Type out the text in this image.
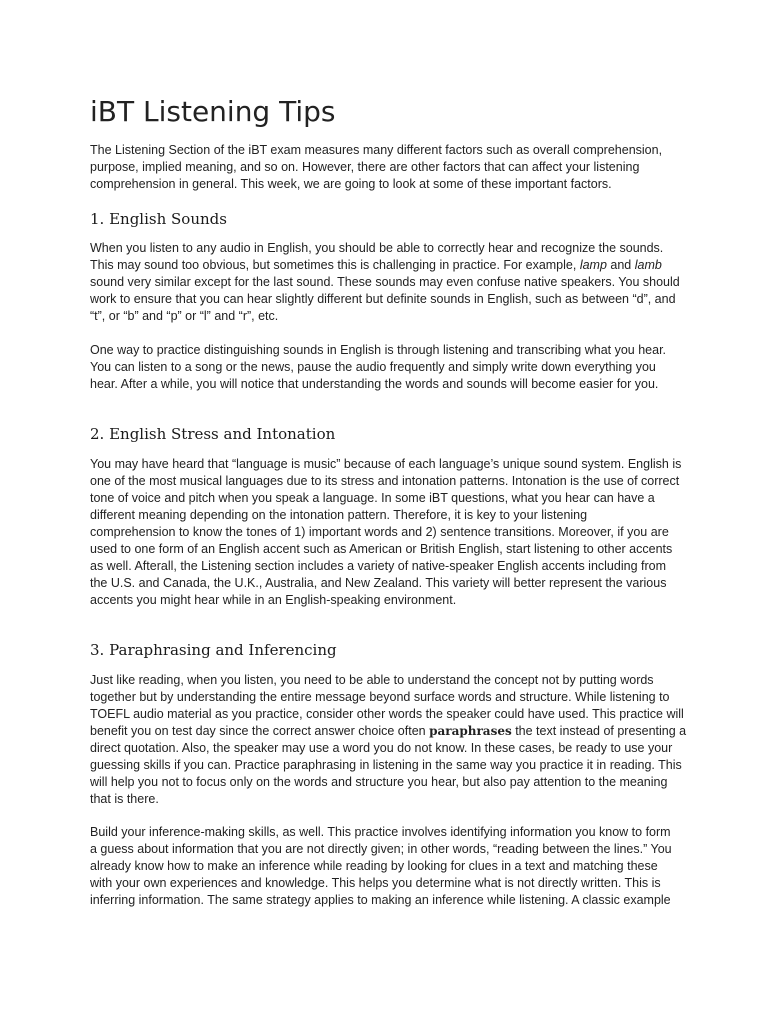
iBT Listening Tips

The Listening Section of the iBT exam measures many different factors such as overall comprehension,
purpose, implied meaning, and so on. However, there are other factors that can affect your listening
comprehension in general. This week, we are going to look at some of these important factors.

1. English Sounds

When you listen to any audio in English, you should be able to correctly hear and recognize the sounds.
This may sound too obvious, but sometimes this is challenging in practice. For example, lamp and lamb
sound very similar except for the last sound. These sounds may even confuse native speakers. You should
work to ensure that you can hear slightly different but definite sounds in English, such as between “d”, and
“t”, or “b” and “p” or “l” and “r”, etc.

One way to practice distinguishing sounds in English is through listening and transcribing what you hear.
You can listen to a song or the news, pause the audio frequently and simply write down everything you
hear. After a while, you will notice that understanding the words and sounds will become easier for you.

2. English Stress and Intonation

You may have heard that “language is music” because of each language’s unique sound system. English is
one of the most musical languages due to its stress and intonation patterns. Intonation is the use of correct
tone of voice and pitch when you speak a language. In some iBT questions, what you hear can have a
different meaning depending on the intonation pattern. Therefore, it is key to your listening
comprehension to know the tones of 1) important words and 2) sentence transitions. Moreover, if you are
used to one form of an English accent such as American or British English, start listening to other accents
as well. Afterall, the Listening section includes a variety of native-speaker English accents including from
the U.S. and Canada, the U.K., Australia, and New Zealand. This variety will better represent the various
accents you might hear while in an English-speaking environment.

3. Paraphrasing and Inferencing

Just like reading, when you listen, you need to be able to understand the concept not by putting words
together but by understanding the entire message beyond surface words and structure. While listening to
TOEFL audio material as you practice, consider other words the speaker could have used. This practice will
benefit you on test day since the correct answer choice often paraphrases the text instead of presenting a
direct quotation. Also, the speaker may use a word you do not know. In these cases, be ready to use your
guessing skills if you can. Practice paraphrasing in listening in the same way you practice it in reading. This
will help you not to focus only on the words and structure you hear, but also pay attention to the meaning
that is there.

Build your inference-making skills, as well. This practice involves identifying information you know to form
a guess about information that you are not directly given; in other words, “reading between the lines.” You
already know how to make an inference while reading by looking for clues in a text and matching these
with your own experiences and knowledge. This helps you determine what is not directly written. This is
inferring information. The same strategy applies to making an inference while listening. A classic example
